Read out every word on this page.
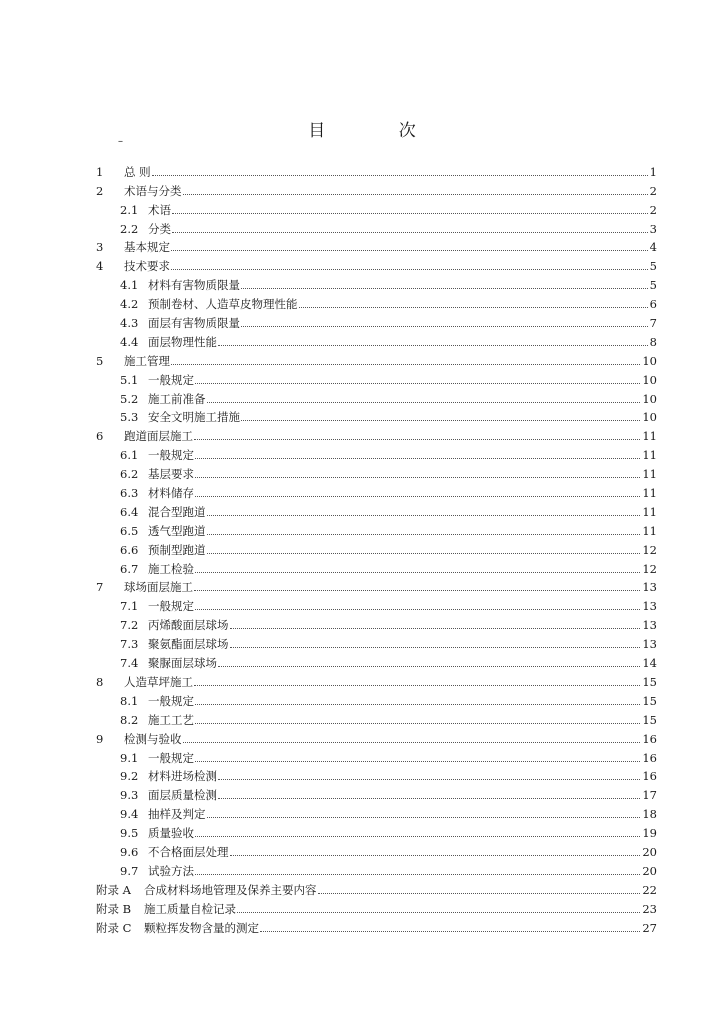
目 次
–
1	总 则	1
2	术语与分类	2
2.1 术语	2
2.2 分类	3
3	基本规定	4
4	技术要求	5
4.1 材料有害物质限量	5
4.2 预制卷材、人造草皮物理性能	6
4.3 面层有害物质限量	7
4.4 面层物理性能	8
5	施工管理	10
5.1 一般规定	10
5.2 施工前准备	10
5.3 安全文明施工措施	10
6	跑道面层施工	11
6.1 一般规定	11
6.2 基层要求	11
6.3 材料储存	11
6.4 混合型跑道	11
6.5 透气型跑道	11
6.6 预制型跑道	12
6.7 施工检验	12
7	球场面层施工	13
7.1 一般规定	13
7.2 丙烯酸面层球场	13
7.3 聚氨酯面层球场	13
7.4 聚脲面层球场	14
8	人造草坪施工	15
8.1 一般规定	15
8.2 施工工艺	15
9	检测与验收	16
9.1 一般规定	16
9.2 材料进场检测	16
9.3 面层质量检测	17
9.4 抽样及判定	18
9.5 质量验收	19
9.6 不合格面层处理	20
9.7 试验方法	20
附录 A	合成材料场地管理及保养主要内容	22
附录 B	施工质量自检记录	23
附录 C	颗粒挥发物含量的测定	27
